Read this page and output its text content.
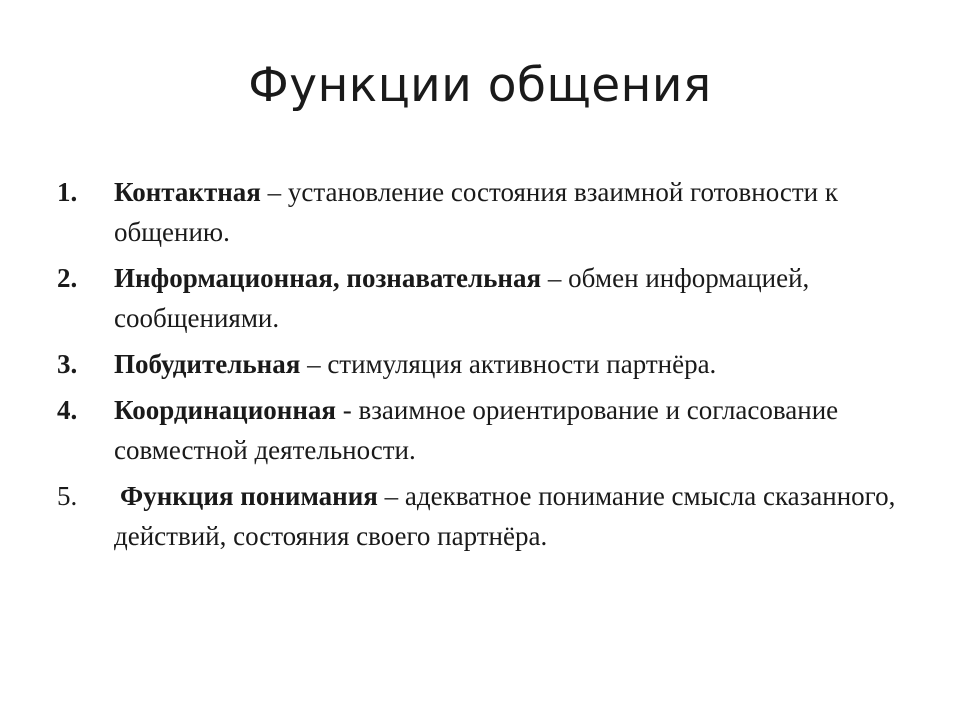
Функции общения
1.	Контактная – установление состояния взаимной готовности к общению.
2.	Информационная, познавательная – обмен информацией, сообщениями.
3.	Побудительная – стимуляция активности партнёра.
4.	Координационная - взаимное ориентирование и согласование совместной деятельности.
5.	Функция понимания – адекватное понимание смысла сказанного, действий, состояния своего партнёра.
